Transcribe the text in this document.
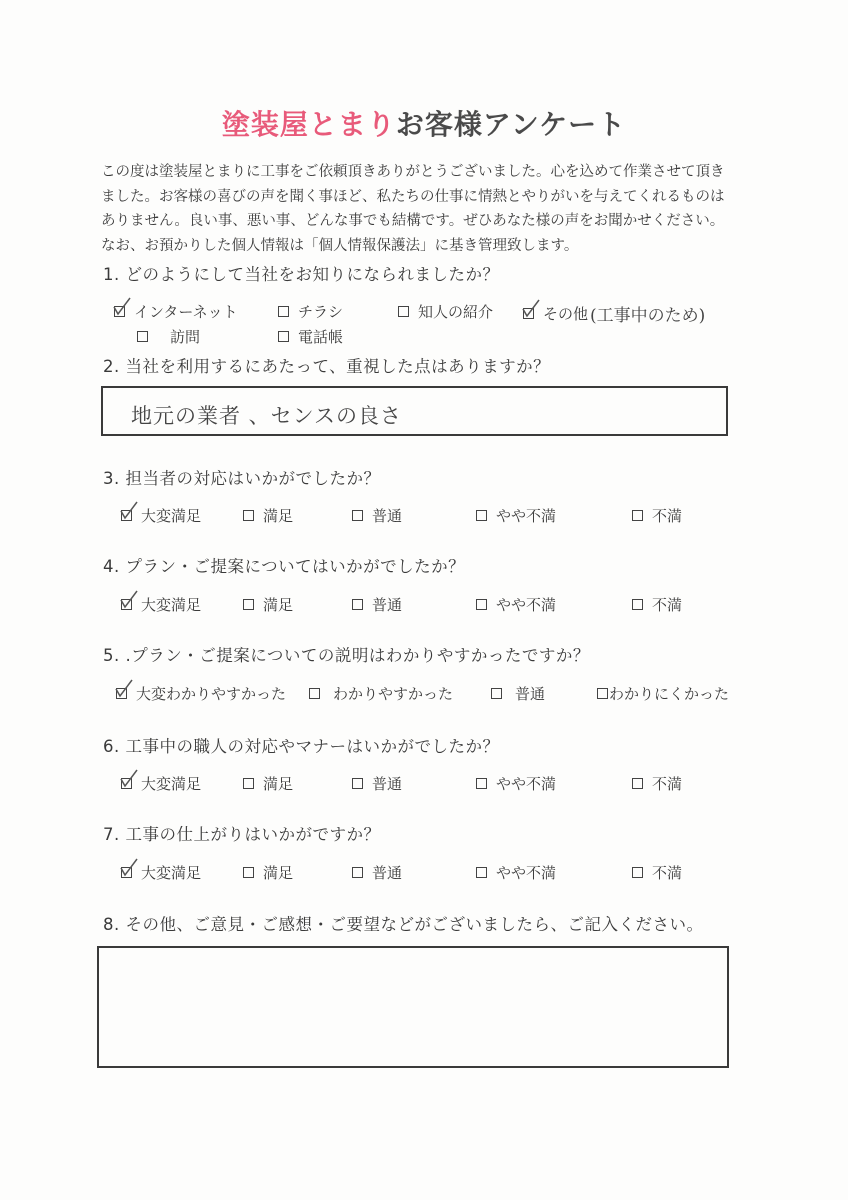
塗装屋とまりお客様アンケート
この度は塗装屋とまりに工事をご依頼頂きありがとうございました。心を込めて作業させて頂き
ました。お客様の喜びの声を聞く事ほど、私たちの仕事に情熱とやりがいを与えてくれるものは
ありません。良い事、悪い事、どんな事でも結構です。ぜひあなた様の声をお聞かせください。
なお、お預かりした個人情報は「個人情報保護法」に基き管理致します。
1. どのようにして当社をお知りになられましたか？
インターネット	チラシ	知人の紹介	その他 (工事中のため)
訪問	電話帳
2. 当社を利用するにあたって、重視した点はありますか？
地元の業者 、センスの良さ
3. 担当者の対応はいかがでしたか？
大変満足	満足	普通	やや不満	不満
4. プラン・ご提案についてはいかがでしたか？
大変満足	満足	普通	やや不満	不満
5. .プラン・ご提案についての説明はわかりやすかったですか？
大変わかりやすかった	わかりやすかった	普通	わかりにくかった
6. 工事中の職人の対応やマナーはいかがでしたか？
大変満足	満足	普通	やや不満	不満
7. 工事の仕上がりはいかがですか？
大変満足	満足	普通	やや不満	不満
8. その他、ご意見・ご感想・ご要望などがございましたら、ご記入ください。
